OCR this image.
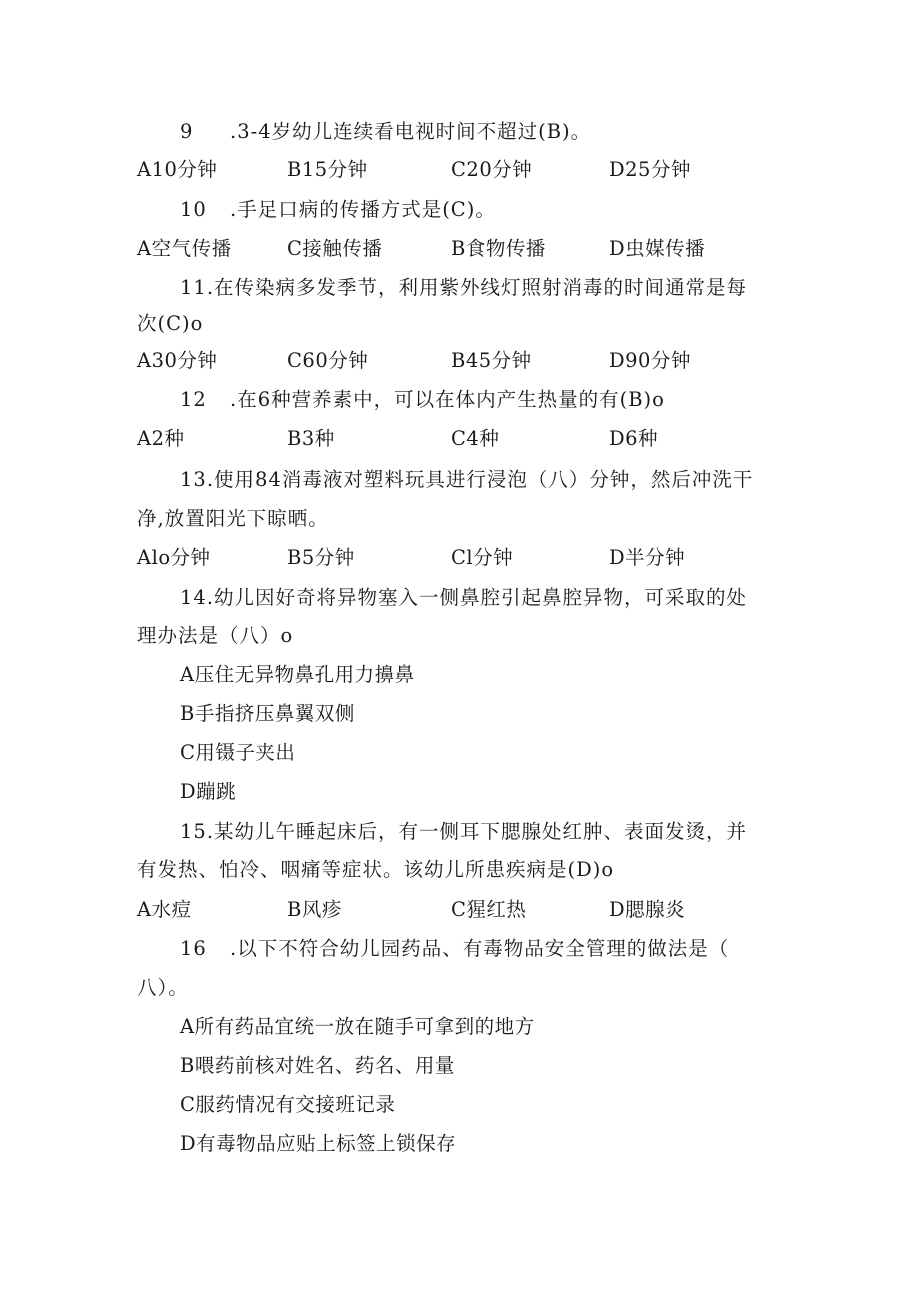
9 .3-4岁幼儿连续看电视时间不超过(B)。
A10分钟	B15分钟	C20分钟	D25分钟
10 .手足口病的传播方式是(C)。
A空气传播	C接触传播	B食物传播	D虫媒传播
11.在传染病多发季节，利用紫外线灯照射消毒的时间通常是每
次(C)o
A30分钟	C60分钟	B45分钟	D90分钟
12 .在6种营养素中，可以在体内产生热量的有(B)o
A2种	B3种	C4种	D6种
13.使用84消毒液对塑料玩具进行浸泡（八）分钟，然后冲洗干
净,放置阳光下晾晒。
Alo分钟	B5分钟	Cl分钟	D半分钟
14.幼儿因好奇将异物塞入一侧鼻腔引起鼻腔异物，可采取的处
理办法是（八）o
A压住无异物鼻孔用力擤鼻
B手指挤压鼻翼双侧
C用镊子夹出
D蹦跳
15.某幼儿午睡起床后，有一侧耳下腮腺处红肿、表面发烫，并
有发热、怕冷、咽痛等症状。该幼儿所患疾病是(D)o
A水痘	B风疹	C猩红热	D腮腺炎
16 .以下不符合幼儿园药品、有毒物品安全管理的做法是（
八）。
A所有药品宜统一放在随手可拿到的地方
B喂药前核对姓名、药名、用量
C服药情况有交接班记录
D有毒物品应贴上标签上锁保存
